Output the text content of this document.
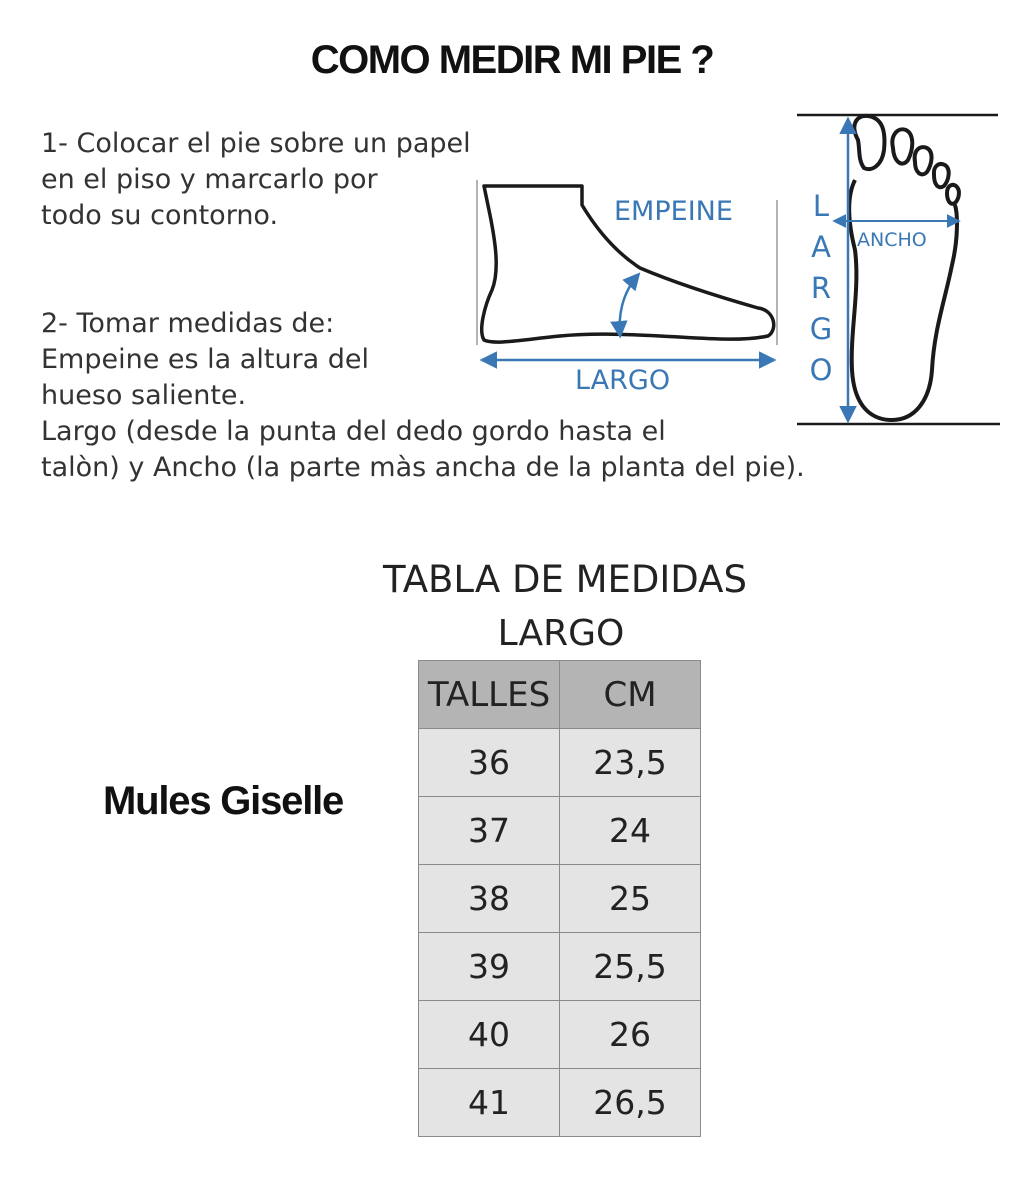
COMO MEDIR MI PIE ?
1- Colocar el pie sobre un papel
en el piso y marcarlo por
todo su contorno.
2- Tomar medidas de:
Empeine es la altura del
hueso saliente.
Largo (desde la punta del dedo gordo hasta el
talòn) y Ancho (la parte màs ancha de la planta del pie).
EMPEINE
LARGO
ANCHO
L
A
R
G
O
TABLA DE MEDIDAS
LARGO
Mules Giselle
TALLES	CM
36	23,5
37	24
38	25
39	25,5
40	26
41	26,5
